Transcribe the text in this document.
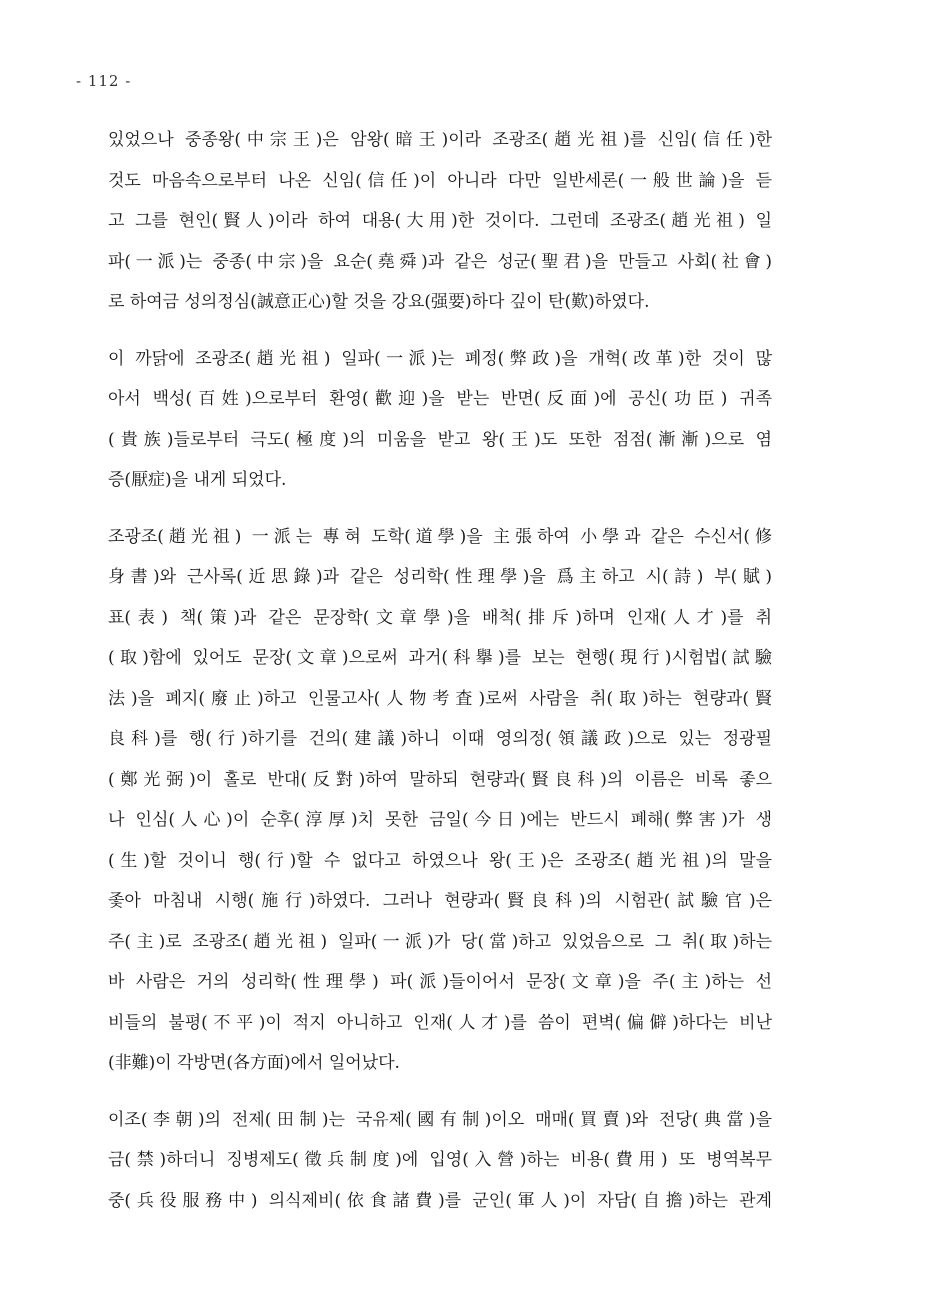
- 112 -
있었으나 중종왕(中宗王)은 암왕(暗王)이라 조광조(趙光祖)를 신임(信任)한
것도 마음속으로부터 나온 신임(信任)이 아니라 다만 일반세론(一般世論)을 듣
고 그를 현인(賢人)이라 하여 대용(大用)한 것이다. 그런데 조광조(趙光祖) 일
파(一派)는 중종(中宗)을 요순(堯舜)과 같은 성군(聖君)을 만들고 사회(社會)
로 하여금 성의정심(誠意正心)할 것을 강요(强要)하다 깊이 탄(歎)하였다.
이 까닭에 조광조(趙光祖) 일파(一派)는 폐정(弊政)을 개혁(改革)한 것이 많
아서 백성(百姓)으로부터 환영(歡迎)을 받는 반면(反面)에 공신(功臣) 귀족
(貴族)들로부터 극도(極度)의 미움을 받고 왕(王)도 또한 점점(漸漸)으로 염
증(厭症)을 내게 되었다.
조광조(趙光祖) 一派는 專혀 도학(道學)을 主張하여 小學과 같은 수신서(修
身書)와 근사록(近思錄)과 같은 성리학(性理學)을 爲主하고 시(詩) 부(賦)
표(表) 책(策)과 같은 문장학(文章學)을 배척(排斥)하며 인재(人才)를 취
(取)함에 있어도 문장(文章)으로써 과거(科擧)를 보는 현행(現行)시험법(試驗
法)을 폐지(廢止)하고 인물고사(人物考査)로써 사람을 취(取)하는 현량과(賢
良科)를 행(行)하기를 건의(建議)하니 이때 영의정(領議政)으로 있는 정광필
(鄭光弼)이 홀로 반대(反對)하여 말하되 현량과(賢良科)의 이름은 비록 좋으
나 인심(人心)이 순후(淳厚)치 못한 금일(今日)에는 반드시 폐해(弊害)가 생
(生)할 것이니 행(行)할 수 없다고 하였으나 왕(王)은 조광조(趙光祖)의 말을
좇아 마침내 시행(施行)하였다. 그러나 현량과(賢良科)의 시험관(試驗官)은
주(主)로 조광조(趙光祖) 일파(一派)가 당(當)하고 있었음으로 그 취(取)하는
바 사람은 거의 성리학(性理學) 파(派)들이어서 문장(文章)을 주(主)하는 선
비들의 불평(不平)이 적지 아니하고 인재(人才)를 씀이 편벽(偏僻)하다는 비난
(非難)이 각방면(各方面)에서 일어났다.
이조(李朝)의 전제(田制)는 국유제(國有制)이오 매매(買賣)와 전당(典當)을
금(禁)하더니 징병제도(徵兵制度)에 입영(入營)하는 비용(費用) 또 병역복무
중(兵役服務中) 의식제비(依食諸費)를 군인(軍人)이 자담(自擔)하는 관계
